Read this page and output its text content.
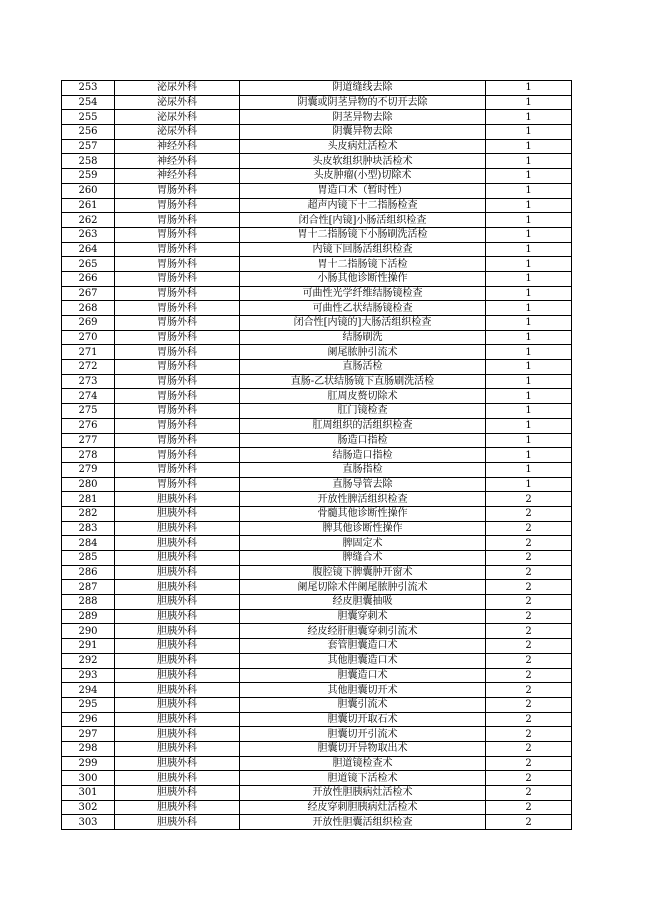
253	泌尿外科	阴道缝线去除	1
254	泌尿外科	阴囊或阴茎异物的不切开去除	1
255	泌尿外科	阴茎异物去除	1
256	泌尿外科	阴囊异物去除	1
257	神经外科	头皮病灶活检术	1
258	神经外科	头皮软组织肿块活检术	1
259	神经外科	头皮肿瘤(小型)切除术	1
260	胃肠外科	胃造口术（暂时性）	1
261	胃肠外科	超声内镜下十二指肠检查	1
262	胃肠外科	闭合性[内镜]小肠活组织检查	1
263	胃肠外科	胃十二指肠镜下小肠刷洗活检	1
264	胃肠外科	内镜下回肠活组织检查	1
265	胃肠外科	胃十二指肠镜下活检	1
266	胃肠外科	小肠其他诊断性操作	1
267	胃肠外科	可曲性光学纤维结肠镜检查	1
268	胃肠外科	可曲性乙状结肠镜检查	1
269	胃肠外科	闭合性[内镜的]大肠活组织检查	1
270	胃肠外科	结肠刷洗	1
271	胃肠外科	阑尾脓肿引流术	1
272	胃肠外科	直肠活检	1
273	胃肠外科	直肠-乙状结肠镜下直肠刷洗活检	1
274	胃肠外科	肛周皮赘切除术	1
275	胃肠外科	肛门镜检查	1
276	胃肠外科	肛周组织的活组织检查	1
277	胃肠外科	肠造口指检	1
278	胃肠外科	结肠造口指检	1
279	胃肠外科	直肠指检	1
280	胃肠外科	直肠导管去除	1
281	胆胰外科	开放性脾活组织检查	2
282	胆胰外科	骨髓其他诊断性操作	2
283	胆胰外科	脾其他诊断性操作	2
284	胆胰外科	脾固定术	2
285	胆胰外科	脾缝合术	2
286	胆胰外科	腹腔镜下脾囊肿开窗术	2
287	胆胰外科	阑尾切除术伴阑尾脓肿引流术	2
288	胆胰外科	经皮胆囊抽吸	2
289	胆胰外科	胆囊穿刺术	2
290	胆胰外科	经皮经肝胆囊穿刺引流术	2
291	胆胰外科	套管胆囊造口术	2
292	胆胰外科	其他胆囊造口术	2
293	胆胰外科	胆囊造口术	2
294	胆胰外科	其他胆囊切开术	2
295	胆胰外科	胆囊引流术	2
296	胆胰外科	胆囊切开取石术	2
297	胆胰外科	胆囊切开引流术	2
298	胆胰外科	胆囊切开异物取出术	2
299	胆胰外科	胆道镜检查术	2
300	胆胰外科	胆道镜下活检术	2
301	胆胰外科	开放性胆胰病灶活检术	2
302	胆胰外科	经皮穿刺胆胰病灶活检术	2
303	胆胰外科	开放性胆囊活组织检查	2
